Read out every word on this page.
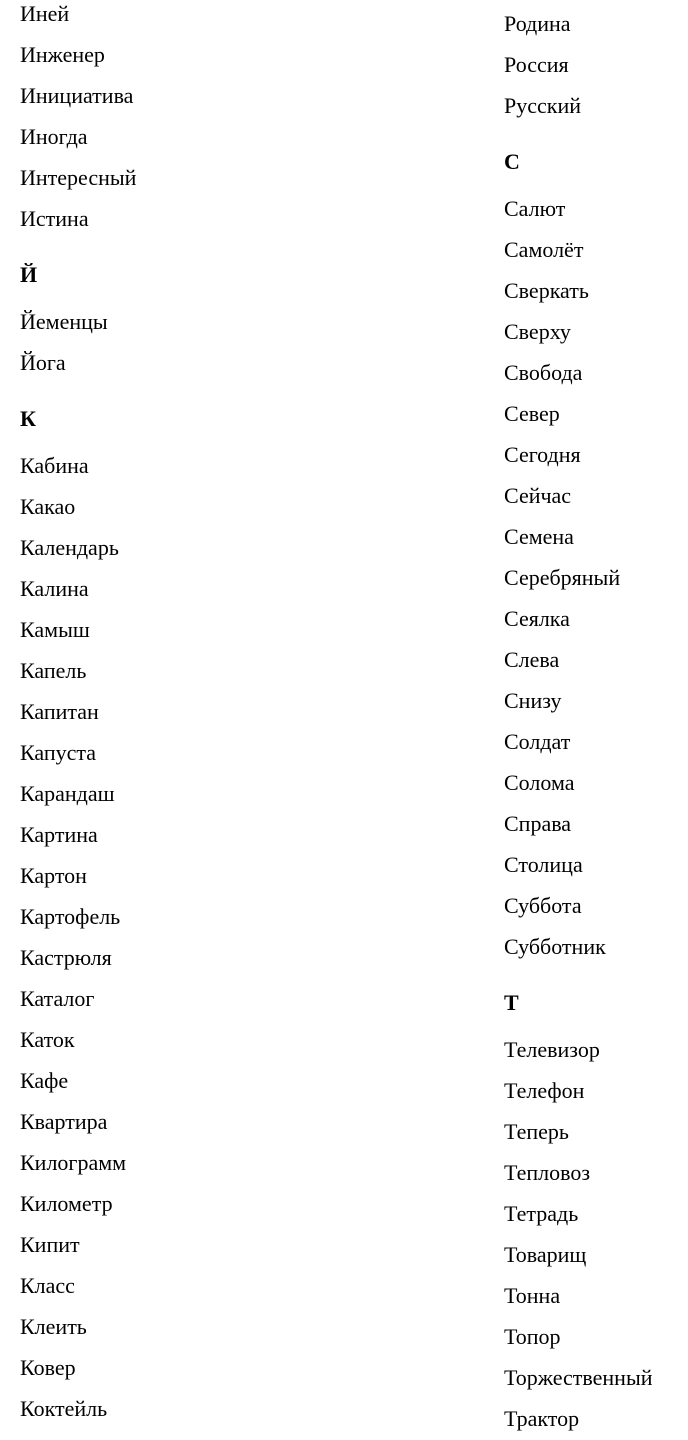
Иней
Инженер
Инициатива
Иногда
Интересный
Истина
Й
Йеменцы
Йога
К
Кабина
Какао
Календарь
Калина
Камыш
Капель
Капитан
Капуста
Карандаш
Картина
Картон
Картофель
Кастрюля
Каталог
Каток
Кафе
Квартира
Килограмм
Километр
Кипит
Класс
Клеить
Ковер
Коктейль
Родина
Россия
Русский
С
Салют
Самолёт
Сверкать
Сверху
Свобода
Север
Сегодня
Сейчас
Семена
Серебряный
Сеялка
Слева
Снизу
Солдат
Солома
Справа
Столица
Суббота
Субботник
Т
Телевизор
Телефон
Теперь
Тепловоз
Тетрадь
Товарищ
Тонна
Топор
Торжественный
Трактор
